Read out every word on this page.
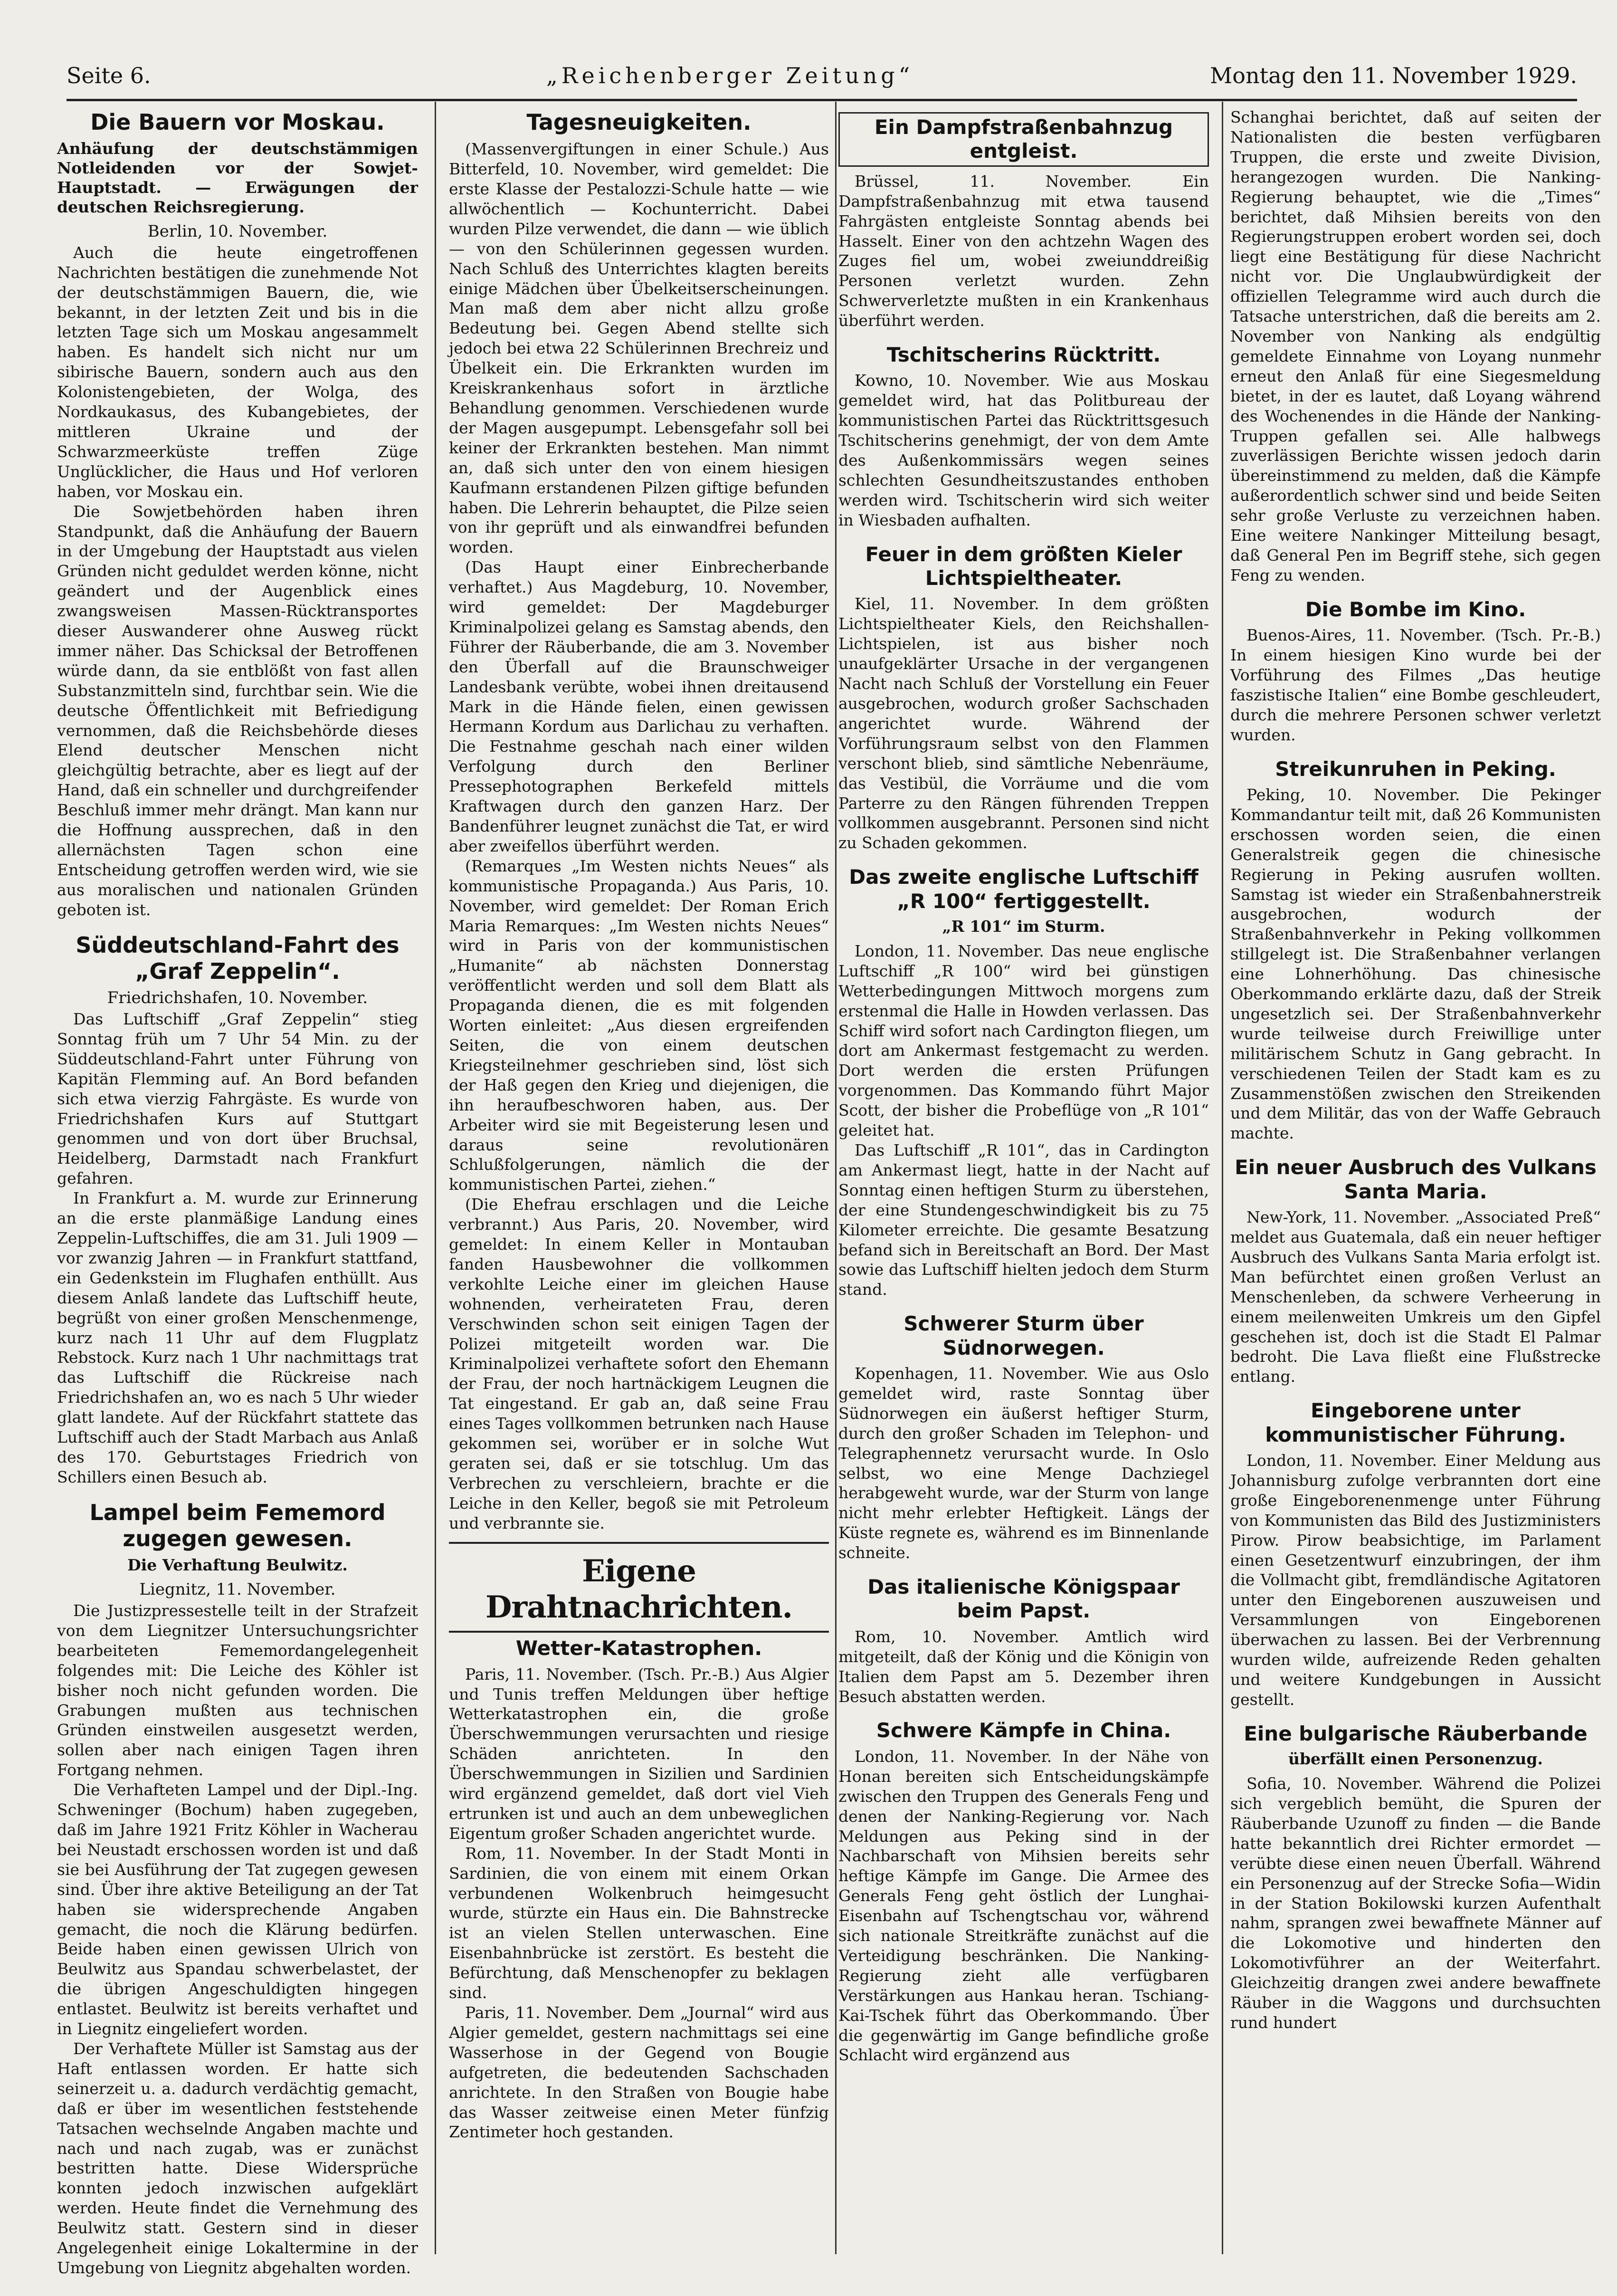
Seite 6.	„Reichenberger Zeitung“	Montag den 11. November 1929.
Die Bauern vor Moskau.
Anhäufung der deutschstämmigen Notleidenden vor der Sowjet-Hauptstadt. — Erwägungen der deutschen Reichsregierung.
Berlin, 10. November.

Auch die heute eingetroffenen Nachrichten bestätigen die zunehmende Not der deutschstämmigen Bauern, die, wie bekannt, in der letzten Zeit und bis in die letzten Tage sich um Moskau angesammelt haben. Es handelt sich nicht nur um sibirische Bauern, sondern auch aus den Kolonistengebieten, der Wolga, des Nordkaukasus, des Kubangebietes, der mittleren Ukraine und der Schwarzmeerküste treffen Züge Unglücklicher, die Haus und Hof verloren haben, vor Moskau ein.

Die Sowjetbehörden haben ihren Standpunkt, daß die Anhäufung der Bauern in der Umgebung der Hauptstadt aus vielen Gründen nicht geduldet werden könne, nicht geändert und der Augenblick eines zwangsweisen Massen-Rücktransportes dieser Auswanderer ohne Ausweg rückt immer näher. Das Schicksal der Betroffenen würde dann, da sie entblößt von fast allen Substanzmitteln sind, furchtbar sein. Wie die deutsche Öffentlichkeit mit Befriedigung vernommen, daß die Reichsbehörde dieses Elend deutscher Menschen nicht gleichgültig betrachte, aber es liegt auf der Hand, daß ein schneller und durchgreifender Beschluß immer mehr drängt. Man kann nur die Hoffnung aussprechen, daß in den allernächsten Tagen schon eine Entscheidung getroffen werden wird, wie sie aus moralischen und nationalen Gründen geboten ist.

Süddeutschland-Fahrt des „Graf Zeppelin“.
Friedrichshafen, 10. November.

Das Luftschiff „Graf Zeppelin“ stieg Sonntag früh um 7 Uhr 54 Min. zu der Süddeutschland-Fahrt unter Führung von Kapitän Flemming auf. An Bord befanden sich etwa vierzig Fahrgäste. Es wurde von Friedrichshafen Kurs auf Stuttgart genommen und von dort über Bruchsal, Heidelberg, Darmstadt nach Frankfurt gefahren.

In Frankfurt a. M. wurde zur Erinnerung an die erste planmäßige Landung eines Zeppelin-Luftschiffes, die am 31. Juli 1909 — vor zwanzig Jahren — in Frankfurt stattfand, ein Gedenkstein im Flughafen enthüllt. Aus diesem Anlaß landete das Luftschiff heute, begrüßt von einer großen Menschenmenge, kurz nach 11 Uhr auf dem Flugplatz Rebstock. Kurz nach 1 Uhr nachmittags trat das Luftschiff die Rückreise nach Friedrichshafen an, wo es nach 5 Uhr wieder glatt landete. Auf der Rückfahrt stattete das Luftschiff auch der Stadt Marbach aus Anlaß des 170. Geburtstages Friedrich von Schillers einen Besuch ab.

Lampel beim Fememord zugegen gewesen.
Die Verhaftung Beulwitz.
Liegnitz, 11. November.

Die Justizpressestelle teilt in der Strafzeit von dem Liegnitzer Untersuchungsrichter bearbeiteten Fememordangelegenheit folgendes mit: Die Leiche des Köhler ist bisher noch nicht gefunden worden. Die Grabungen mußten aus technischen Gründen einstweilen ausgesetzt werden, sollen aber nach einigen Tagen ihren Fortgang nehmen.

Die Verhafteten Lampel und der Dipl.-Ing. Schweninger (Bochum) haben zugegeben, daß im Jahre 1921 Fritz Köhler in Wacherau bei Neustadt erschossen worden ist und daß sie bei Ausführung der Tat zugegen gewesen sind. Über ihre aktive Beteiligung an der Tat haben sie widersprechende Angaben gemacht, die noch die Klärung bedürfen. Beide haben einen gewissen Ulrich von Beulwitz aus Spandau schwerbelastet, der die übrigen Angeschuldigten hingegen entlastet. Beulwitz ist bereits verhaftet und in Liegnitz eingeliefert worden.

Der Verhaftete Müller ist Samstag aus der Haft entlassen worden. Er hatte sich seinerzeit u. a. dadurch verdächtig gemacht, daß er über im wesentlichen feststehende Tatsachen wechselnde Angaben machte und nach und nach zugab, was er zunächst bestritten hatte. Diese Widersprüche konnten jedoch inzwischen aufgeklärt werden. Heute findet die Vernehmung des Beulwitz statt. Gestern sind in dieser Angelegenheit einige Lokaltermine in der Umgebung von Liegnitz abgehalten worden.

Tagesneuigkeiten.

(Massenvergiftungen in einer Schule.) Aus Bitterfeld, 10. November, wird gemeldet: Die erste Klasse der Pestalozzi-Schule hatte — wie allwöchentlich — Kochunterricht. Dabei wurden Pilze verwendet, die dann — wie üblich — von den Schülerinnen gegessen wurden. Nach Schluß des Unterrichtes klagten bereits einige Mädchen über Übelkeitserscheinungen. Man maß dem aber nicht allzu große Bedeutung bei. Gegen Abend stellte sich jedoch bei etwa 22 Schülerinnen Brechreiz und Übelkeit ein. Die Erkrankten wurden im Kreiskrankenhaus sofort in ärztliche Behandlung genommen. Verschiedenen wurde der Magen ausgepumpt. Lebensgefahr soll bei keiner der Erkrankten bestehen. Man nimmt an, daß sich unter den von einem hiesigen Kaufmann erstandenen Pilzen giftige befunden haben. Die Lehrerin behauptet, die Pilze seien von ihr geprüft und als einwandfrei befunden worden.

(Das Haupt einer Einbrecherbande verhaftet.) Aus Magdeburg, 10. November, wird gemeldet: Der Magdeburger Kriminalpolizei gelang es Samstag abends, den Führer der Räuberbande, die am 3. November den Überfall auf die Braunschweiger Landesbank verübte, wobei ihnen dreitausend Mark in die Hände fielen, einen gewissen Hermann Kordum aus Darlichau zu verhaften. Die Festnahme geschah nach einer wilden Verfolgung durch den Berliner Pressephotographen Berkefeld mittels Kraftwagen durch den ganzen Harz. Der Bandenführer leugnet zunächst die Tat, er wird aber zweifellos überführt werden.

(Remarques „Im Westen nichts Neues“ als kommunistische Propaganda.) Aus Paris, 10. November, wird gemeldet: Der Roman Erich Maria Remarques: „Im Westen nichts Neues“ wird in Paris von der kommunistischen „Humanite“ ab nächsten Donnerstag veröffentlicht werden und soll dem Blatt als Propaganda dienen, die es mit folgenden Worten einleitet: „Aus diesen ergreifenden Seiten, die von einem deutschen Kriegsteilnehmer geschrieben sind, löst sich der Haß gegen den Krieg und diejenigen, die ihn heraufbeschworen haben, aus. Der Arbeiter wird sie mit Begeisterung lesen und daraus seine revolutionären Schlußfolgerungen, nämlich die der kommunistischen Partei, ziehen.“

(Die Ehefrau erschlagen und die Leiche verbrannt.) Aus Paris, 20. November, wird gemeldet: In einem Keller in Montauban fanden Hausbewohner die vollkommen verkohlte Leiche einer im gleichen Hause wohnenden, verheirateten Frau, deren Verschwinden schon seit einigen Tagen der Polizei mitgeteilt worden war. Die Kriminalpolizei verhaftete sofort den Ehemann der Frau, der noch hartnäckigem Leugnen die Tat eingestand. Er gab an, daß seine Frau eines Tages vollkommen betrunken nach Hause gekommen sei, worüber er in solche Wut geraten sei, daß er sie totschlug. Um das Verbrechen zu verschleiern, brachte er die Leiche in den Keller, begoß sie mit Petroleum und verbrannte sie.

Eigene Drahtnachrichten.
Wetter-Katastrophen.

Paris, 11. November. (Tsch. Pr.-B.) Aus Algier und Tunis treffen Meldungen über heftige Wetterkatastrophen ein, die große Überschwemmungen verursachten und riesige Schäden anrichteten. In den Überschwemmungen in Sizilien und Sardinien wird ergänzend gemeldet, daß dort viel Vieh ertrunken ist und auch an dem unbeweglichen Eigentum großer Schaden angerichtet wurde.

Rom, 11. November. In der Stadt Monti in Sardinien, die von einem mit einem Orkan verbundenen Wolkenbruch heimgesucht wurde, stürzte ein Haus ein. Die Bahnstrecke ist an vielen Stellen unterwaschen. Eine Eisenbahnbrücke ist zerstört. Es besteht die Befürchtung, daß Menschenopfer zu beklagen sind.

Paris, 11. November. Dem „Journal“ wird aus Algier gemeldet, gestern nachmittags sei eine Wasserhose in der Gegend von Bougie aufgetreten, die bedeutenden Sachschaden anrichtete. In den Straßen von Bougie habe das Wasser zeitweise einen Meter fünfzig Zentimeter hoch gestanden.

Ein Dampfstraßenbahnzug entgleist.

Brüssel, 11. November. Ein Dampfstraßenbahnzug mit etwa tausend Fahrgästen entgleiste Sonntag abends bei Hasselt. Einer von den achtzehn Wagen des Zuges fiel um, wobei zweiunddreißig Personen verletzt wurden. Zehn Schwerverletzte mußten in ein Krankenhaus überführt werden.

Tschitscherins Rücktritt.

Kowno, 10. November. Wie aus Moskau gemeldet wird, hat das Politbureau der kommunistischen Partei das Rücktrittsgesuch Tschitscherins genehmigt, der von dem Amte des Außenkommissärs wegen seines schlechten Gesundheitszustandes enthoben werden wird. Tschitscherin wird sich weiter in Wiesbaden aufhalten.

Feuer in dem größten Kieler Lichtspieltheater.

Kiel, 11. November. In dem größten Lichtspieltheater Kiels, den Reichshallen-Lichtspielen, ist aus bisher noch unaufgeklärter Ursache in der vergangenen Nacht nach Schluß der Vorstellung ein Feuer ausgebrochen, wodurch großer Sachschaden angerichtet wurde. Während der Vorführungsraum selbst von den Flammen verschont blieb, sind sämtliche Nebenräume, das Vestibül, die Vorräume und die vom Parterre zu den Rängen führenden Treppen vollkommen ausgebrannt. Personen sind nicht zu Schaden gekommen.

Das zweite englische Luftschiff „R 100“ fertiggestellt.
„R 101“ im Sturm.

London, 11. November. Das neue englische Luftschiff „R 100“ wird bei günstigen Wetterbedingungen Mittwoch morgens zum erstenmal die Halle in Howden verlassen. Das Schiff wird sofort nach Cardington fliegen, um dort am Ankermast festgemacht zu werden. Dort werden die ersten Prüfungen vorgenommen. Das Kommando führt Major Scott, der bisher die Probeflüge von „R 101“ geleitet hat.

Das Luftschiff „R 101“, das in Cardington am Ankermast liegt, hatte in der Nacht auf Sonntag einen heftigen Sturm zu überstehen, der eine Stundengeschwindigkeit bis zu 75 Kilometer erreichte. Die gesamte Besatzung befand sich in Bereitschaft an Bord. Der Mast sowie das Luftschiff hielten jedoch dem Sturm stand.

Schwerer Sturm über Südnorwegen.

Kopenhagen, 11. November. Wie aus Oslo gemeldet wird, raste Sonntag über Südnorwegen ein äußerst heftiger Sturm, durch den großer Schaden im Telephon- und Telegraphennetz verursacht wurde. In Oslo selbst, wo eine Menge Dachziegel herabgeweht wurde, war der Sturm von lange nicht mehr erlebter Heftigkeit. Längs der Küste regnete es, während es im Binnenlande schneite.

Das italienische Königspaar beim Papst.

Rom, 10. November. Amtlich wird mitgeteilt, daß der König und die Königin von Italien dem Papst am 5. Dezember ihren Besuch abstatten werden.

Schwere Kämpfe in China.

London, 11. November. In der Nähe von Honan bereiten sich Entscheidungskämpfe zwischen den Truppen des Generals Feng und denen der Nanking-Regierung vor. Nach Meldungen aus Peking sind in der Nachbarschaft von Mihsien bereits sehr heftige Kämpfe im Gange. Die Armee des Generals Feng geht östlich der Lunghai-Eisenbahn auf Tschengtschau vor, während sich nationale Streitkräfte zunächst auf die Verteidigung beschränken. Die Nanking-Regierung zieht alle verfügbaren Verstärkungen aus Hankau heran. Tschiang-Kai-Tschek führt das Oberkommando. Über die gegenwärtig im Gange befindliche große Schlacht wird ergänzend aus

Schanghai berichtet, daß auf seiten der Nationalisten die besten verfügbaren Truppen, die erste und zweite Division, herangezogen wurden. Die Nanking-Regierung behauptet, wie die „Times“ berichtet, daß Mihsien bereits von den Regierungstruppen erobert worden sei, doch liegt eine Bestätigung für diese Nachricht nicht vor. Die Unglaubwürdigkeit der offiziellen Telegramme wird auch durch die Tatsache unterstrichen, daß die bereits am 2. November von Nanking als endgültig gemeldete Einnahme von Loyang nunmehr erneut den Anlaß für eine Siegesmeldung bietet, in der es lautet, daß Loyang während des Wochenendes in die Hände der Nanking-Truppen gefallen sei. Alle halbwegs zuverlässigen Berichte wissen jedoch darin übereinstimmend zu melden, daß die Kämpfe außerordentlich schwer sind und beide Seiten sehr große Verluste zu verzeichnen haben. Eine weitere Nankinger Mitteilung besagt, daß General Pen im Begriff stehe, sich gegen Feng zu wenden.

Die Bombe im Kino.

Buenos-Aires, 11. November. (Tsch. Pr.-B.) In einem hiesigen Kino wurde bei der Vorführung des Filmes „Das heutige faszistische Italien“ eine Bombe geschleudert, durch die mehrere Personen schwer verletzt wurden.

Streikunruhen in Peking.

Peking, 10. November. Die Pekinger Kommandantur teilt mit, daß 26 Kommunisten erschossen worden seien, die einen Generalstreik gegen die chinesische Regierung in Peking ausrufen wollten. Samstag ist wieder ein Straßenbahnerstreik ausgebrochen, wodurch der Straßenbahnverkehr in Peking vollkommen stillgelegt ist. Die Straßenbahner verlangen eine Lohnerhöhung. Das chinesische Oberkommando erklärte dazu, daß der Streik ungesetzlich sei. Der Straßenbahnverkehr wurde teilweise durch Freiwillige unter militärischem Schutz in Gang gebracht. In verschiedenen Teilen der Stadt kam es zu Zusammenstößen zwischen den Streikenden und dem Militär, das von der Waffe Gebrauch machte.

Ein neuer Ausbruch des Vulkans Santa Maria.

New-York, 11. November. „Associated Preß“ meldet aus Guatemala, daß ein neuer heftiger Ausbruch des Vulkans Santa Maria erfolgt ist. Man befürchtet einen großen Verlust an Menschenleben, da schwere Verheerung in einem meilenweiten Umkreis um den Gipfel geschehen ist, doch ist die Stadt El Palmar bedroht. Die Lava fließt eine Flußstrecke entlang.

Eingeborene unter kommunistischer Führung.

London, 11. November. Einer Meldung aus Johannisburg zufolge verbrannten dort eine große Eingeborenenmenge unter Führung von Kommunisten das Bild des Justizministers Pirow. Pirow beabsichtige, im Parlament einen Gesetzentwurf einzubringen, der ihm die Vollmacht gibt, fremdländische Agitatoren unter den Eingeborenen auszuweisen und Versammlungen von Eingeborenen überwachen zu lassen. Bei der Verbrennung wurden wilde, aufreizende Reden gehalten und weitere Kundgebungen in Aussicht gestellt.

Eine bulgarische Räuberbande
überfällt einen Personenzug.

Sofia, 10. November. Während die Polizei sich vergeblich bemüht, die Spuren der Räuberbande Uzunoff zu finden — die Bande hatte bekanntlich drei Richter ermordet — verübte diese einen neuen Überfall. Während ein Personenzug auf der Strecke Sofia—Widin in der Station Bokilowski kurzen Aufenthalt nahm, sprangen zwei bewaffnete Männer auf die Lokomotive und hinderten den Lokomotivführer an der Weiterfahrt. Gleichzeitig drangen zwei andere bewaffnete Räuber in die Waggons und durchsuchten rund hundert
